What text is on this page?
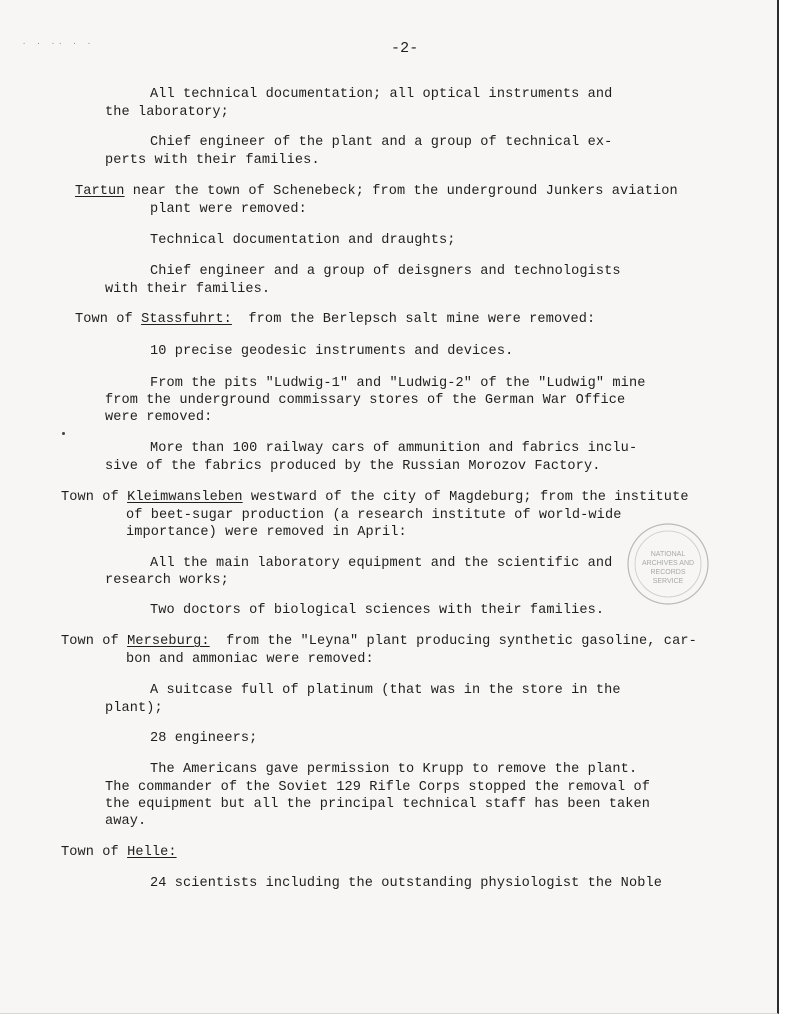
· · ·· · ·	-2-
All technical documentation; all optical instruments and
the laboratory;
Chief engineer of the plant and a group of technical ex-
perts with their families.
Tartun near the town of Schenebeck; from the underground Junkers aviation
plant were removed:
Technical documentation and draughts;
Chief engineer and a group of deisgners and technologists
with their families.
Town of Stassfuhrt:  from the Berlepsch salt mine were removed:
10 precise geodesic instruments and devices.
From the pits "Ludwig-1" and "Ludwig-2" of the "Ludwig" mine
from the underground commissary stores of the German War Office
were removed:
More than 100 railway cars of ammunition and fabrics inclu-
sive of the fabrics produced by the Russian Morozov Factory.
Town of Kleimwansleben westward of the city of Magdeburg; from the institute
of beet-sugar production (a research institute of world-wide
importance) were removed in April:
All the main laboratory equipment and the scientific and
research works;
Two doctors of biological sciences with their families.
Town of Merseburg:  from the "Leyna" plant producing synthetic gasoline, car-
bon and ammoniac were removed:
A suitcase full of platinum (that was in the store in the
plant);
28 engineers;
The Americans gave permission to Krupp to remove the plant.
The commander of the Soviet 129 Rifle Corps stopped the removal of
the equipment but all the principal technical staff has been taken
away.
Town of Helle:
24 scientists including the outstanding physiologist the Noble
NATIONAL
ARCHIVES AND
RECORDS
SERVICE
